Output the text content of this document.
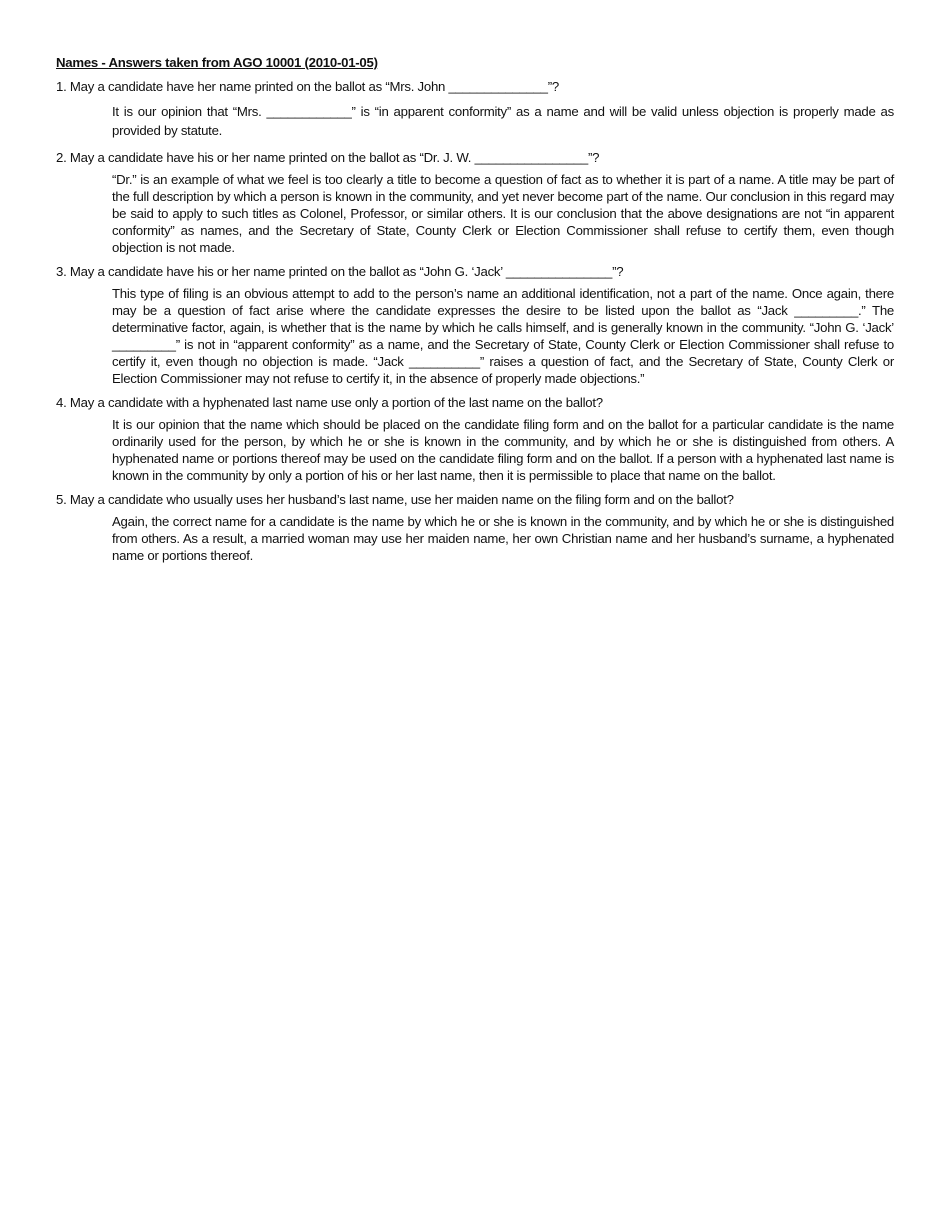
Names - Answers taken from AGO 10001 (2010-01-05)
1. May a candidate have her name printed on the ballot as “Mrs. John ______________”?
It is our opinion that “Mrs. ____________” is “in apparent conformity” as a name and will be valid unless objection is properly made as provided by statute.
2. May a candidate have his or her name printed on the ballot as “Dr. J. W. ________________”?
“Dr.” is an example of what we feel is too clearly a title to become a question of fact as to whether it is part of a name. A title may be part of the full description by which a person is known in the community, and yet never become part of the name. Our conclusion in this regard may be said to apply to such titles as Colonel, Professor, or similar others. It is our conclusion that the above designations are not “in apparent conformity” as names, and the Secretary of State, County Clerk or Election Commissioner shall refuse to certify them, even though objection is not made.
3. May a candidate have his or her name printed on the ballot as “John G. ‘Jack’ _______________”?
This type of filing is an obvious attempt to add to the person’s name an additional identification, not a part of the name. Once again, there may be a question of fact arise where the candidate expresses the desire to be listed upon the ballot as “Jack _________.” The determinative factor, again, is whether that is the name by which he calls himself, and is generally known in the community. “John G. ‘Jack’ _________” is not in “apparent conformity” as a name, and the Secretary of State, County Clerk or Election Commissioner shall refuse to certify it, even though no objection is made. “Jack __________” raises a question of fact, and the Secretary of State, County Clerk or Election Commissioner may not refuse to certify it, in the absence of properly made objections.”
4. May a candidate with a hyphenated last name use only a portion of the last name on the ballot?
It is our opinion that the name which should be placed on the candidate filing form and on the ballot for a particular candidate is the name ordinarily used for the person, by which he or she is known in the community, and by which he or she is distinguished from others. A hyphenated name or portions thereof may be used on the candidate filing form and on the ballot. If a person with a hyphenated last name is known in the community by only a portion of his or her last name, then it is permissible to place that name on the ballot.
5. May a candidate who usually uses her husband’s last name, use her maiden name on the filing form and on the ballot?
Again, the correct name for a candidate is the name by which he or she is known in the community, and by which he or she is distinguished from others. As a result, a married woman may use her maiden name, her own Christian name and her husband’s surname, a hyphenated name or portions thereof.
